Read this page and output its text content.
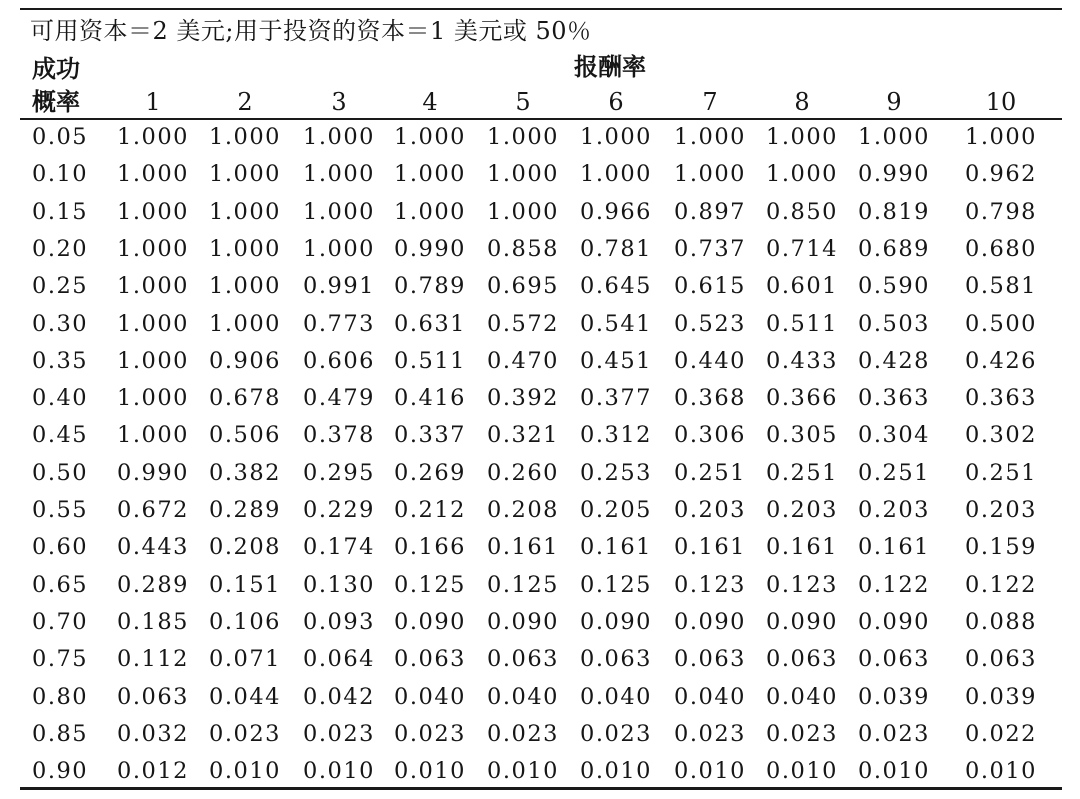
可用资本＝2 美元;用于投资的资本＝1 美元或 50％
成功
概率
报酬率
1	2	3	4	5	6	7	8	9	10
0.05	1.000 1.000 1.000 1.000 1.000 1.000 1.000 1.000 1.000	1.000
0.10	1.000 1.000 1.000 1.000 1.000 1.000 1.000 1.000 0.990	0.962
0.15	1.000 1.000 1.000 1.000 1.000 0.966 0.897 0.850 0.819	0.798
0.20	1.000 1.000 1.000 0.990 0.858 0.781 0.737 0.714 0.689	0.680
0.25	1.000 1.000 0.991 0.789 0.695 0.645 0.615 0.601 0.590	0.581
0.30	1.000 1.000 0.773 0.631 0.572 0.541 0.523 0.511 0.503	0.500
0.35	1.000 0.906 0.606 0.511 0.470 0.451 0.440 0.433 0.428	0.426
0.40	1.000 0.678 0.479 0.416 0.392 0.377 0.368 0.366 0.363	0.363
0.45	1.000 0.506 0.378 0.337 0.321 0.312 0.306 0.305 0.304	0.302
0.50	0.990 0.382 0.295 0.269 0.260 0.253 0.251 0.251 0.251	0.251
0.55	0.672 0.289 0.229 0.212 0.208 0.205 0.203 0.203 0.203	0.203
0.60	0.443 0.208 0.174 0.166 0.161 0.161 0.161 0.161 0.161	0.159
0.65	0.289 0.151 0.130 0.125 0.125 0.125 0.123 0.123 0.122	0.122
0.70	0.185 0.106 0.093 0.090 0.090 0.090 0.090 0.090 0.090	0.088
0.75	0.112 0.071 0.064 0.063 0.063 0.063 0.063 0.063 0.063	0.063
0.80	0.063 0.044 0.042 0.040 0.040 0.040 0.040 0.040 0.039	0.039
0.85	0.032 0.023 0.023 0.023 0.023 0.023 0.023 0.023 0.023	0.022
0.90	0.012 0.010 0.010 0.010 0.010 0.010 0.010 0.010 0.010	0.010
